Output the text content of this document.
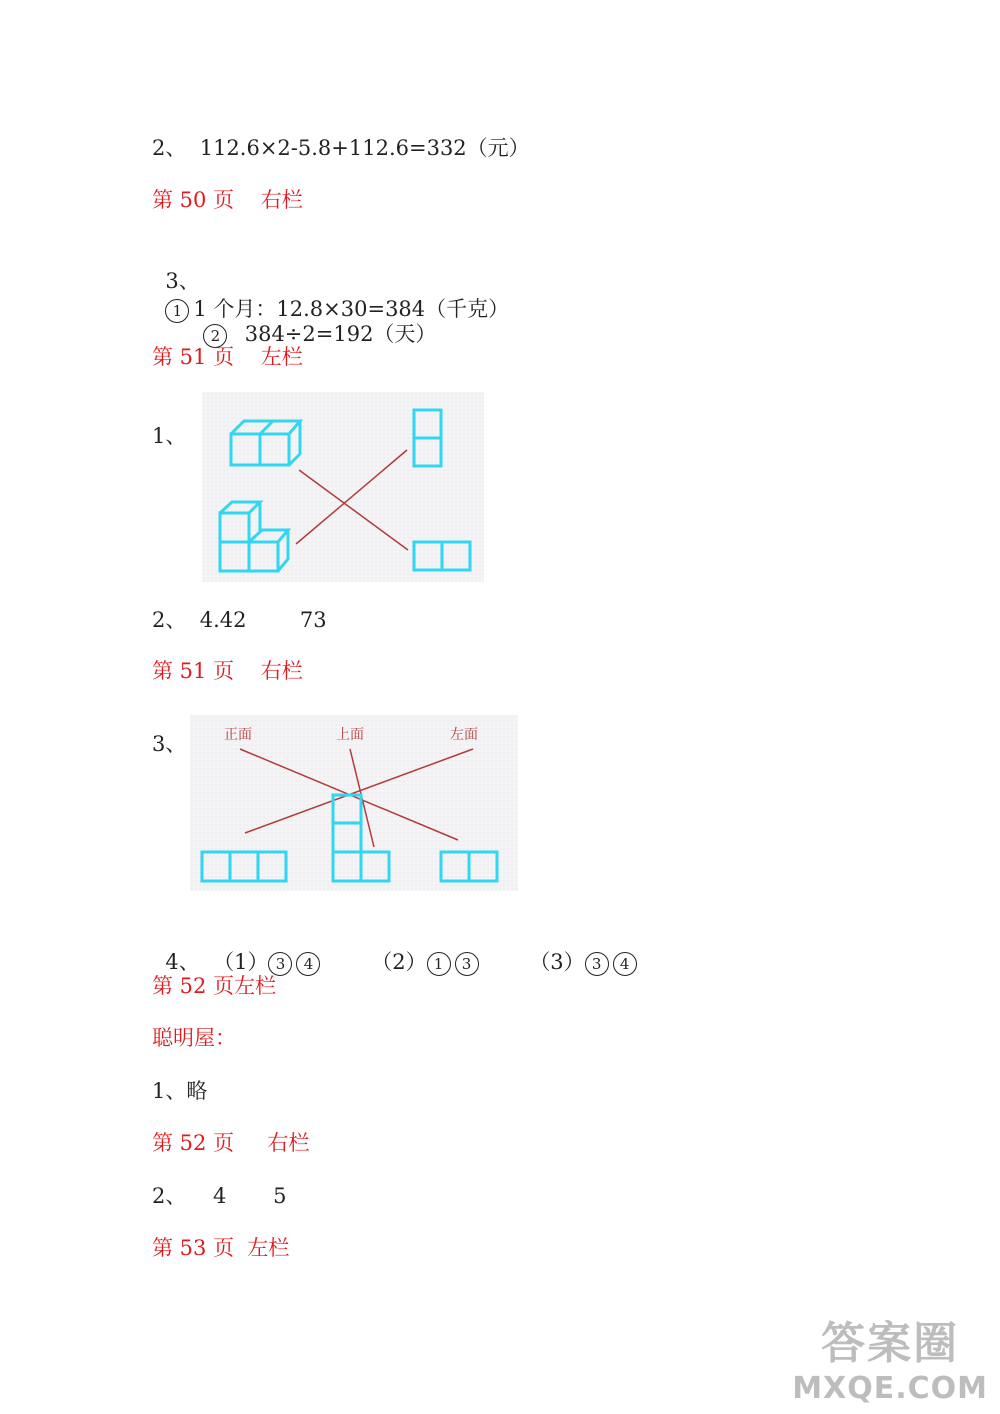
2、  112.6×2-5.8+112.6=332（元）
第 50 页    右栏

3、
1 1 个月：12.8×30=384（千克）

2 384÷2=192（天）

第 51 页    左栏
1、
2、  4.42        73
第 51 页    右栏
3、	正面	上面	左面

4、 （1） 3 4	（2） 1 3	（3） 3 4

第 52 页左栏
聪明屋：
1、略
第 52 页     右栏
2、    4       5
第 53 页  左栏
答案圈
MXQE.COM
